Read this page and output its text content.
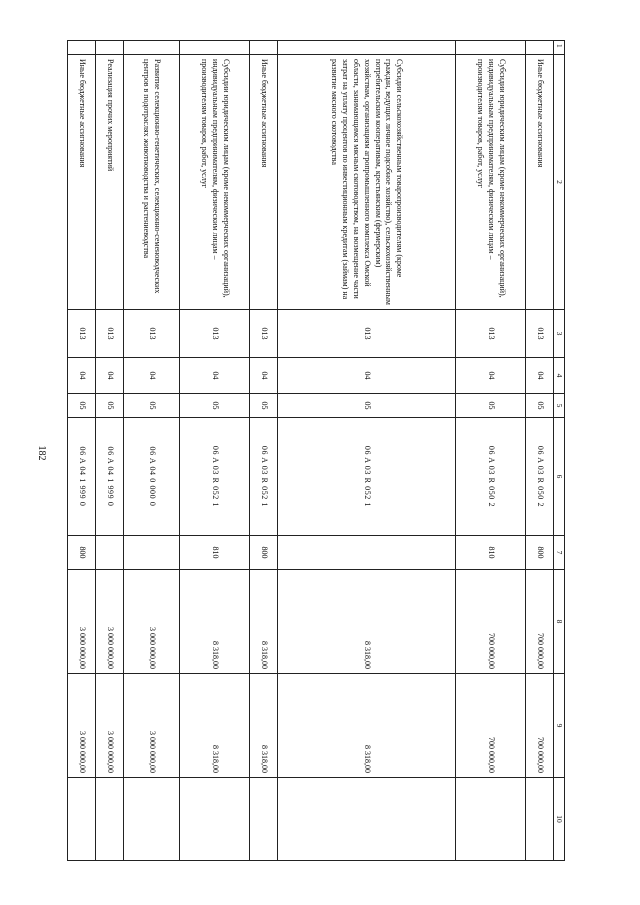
182
1	2	3	4	5	6	7	8	9	10
	Иные бюджетные ассигнования	013	04	05	06 A 03 R 050 2	800	700 000,00	700 000,00	
	Субсидии юридическим лицам (кроме некоммерческих организаций), индивидуальным предпринимателям, физическим лицам – производителям товаров, работ, услуг	013	04	05	06 A 03 R 050 2	810	700 000,00	700 000,00	
	Субсидии сельскохозяйственным товаропроизводителям (кроме граждан, ведущих личное подсобное хозяйство), сельскохозяйственным потребительским кооперативам, крестьянским (фермерским) хозяйствам, организациям агропромышленного комплекса Омской области, занимающимся мясным скотоводством, на возмещение части затрат на уплату процентов по инвестиционным кредитам (займам) на развитие мясного скотоводства	013	04	05	06 A 03 R 052 1		8 318,00	8 318,00	
	Иные бюджетные ассигнования	013	04	05	06 A 03 R 052 1	800	8 318,00	8 318,00	
	Субсидии юридическим лицам (кроме некоммерческих организаций), индивидуальным предпринимателям, физическим лицам – производителям товаров, работ, услуг	013	04	05	06 A 03 R 052 1	810	8 318,00	8 318,00	
	Развитие селекционно-генетических, селекционно-семеноводческих центров в подотраслях животноводства и растениеводства	013	04	05	06 A 04 0 000 0		3 000 000,00	3 000 000,00	
	Реализация прочих мероприятий	013	04	05	06 A 04 1 999 0		3 000 000,00	3 000 000,00	
	Иные бюджетные ассигнования	013	04	05	06 A 04 1 999 0	800	3 000 000,00	3 000 000,00	
